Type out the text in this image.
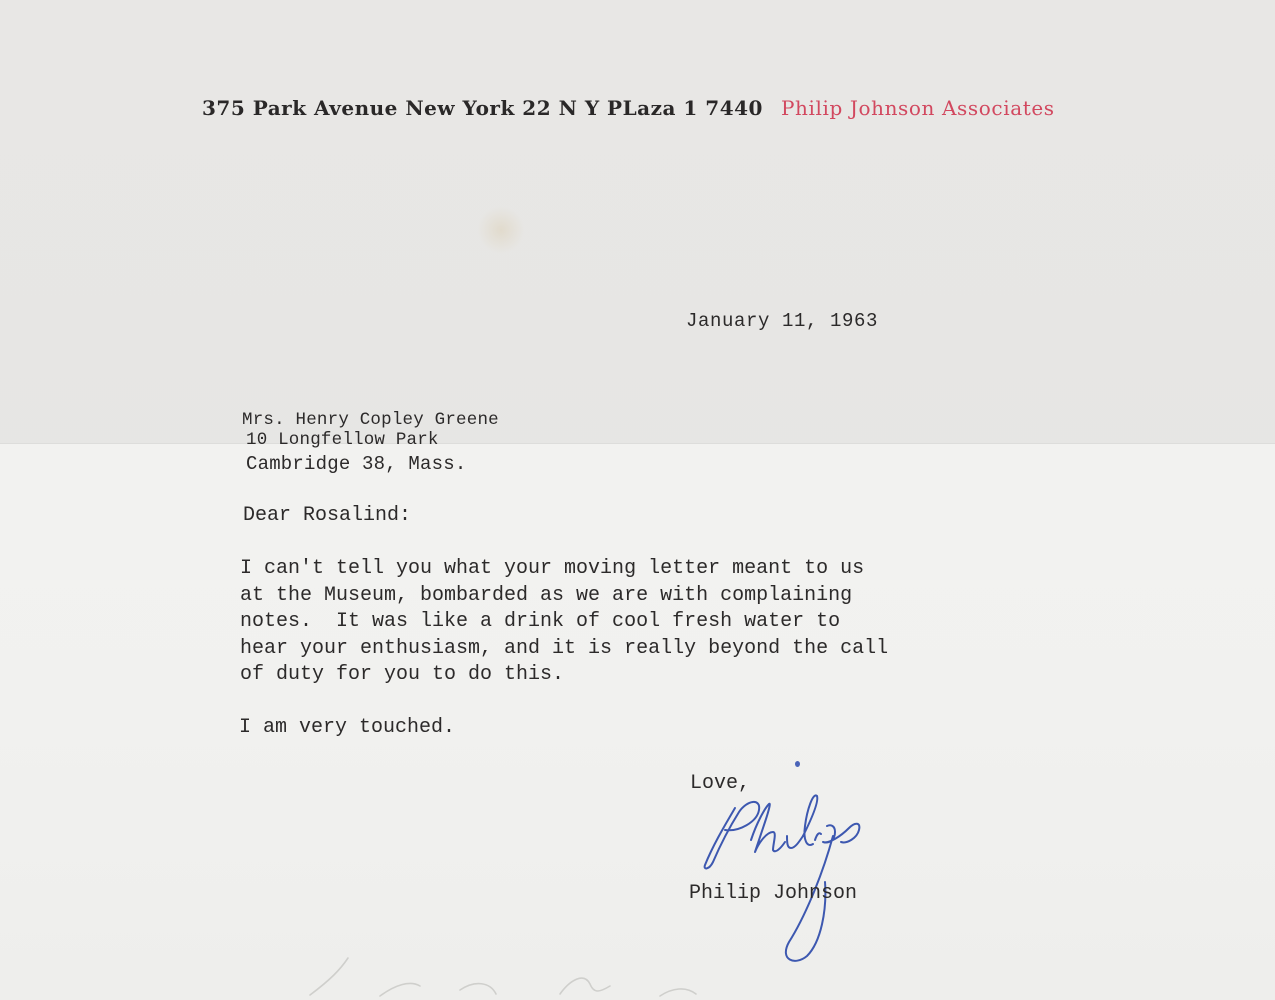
375 Park Avenue New York 22 N Y PLaza 1 7440 Philip Johnson Associates
January 11, 1963
Mrs. Henry Copley Greene
10 Longfellow Park
Cambridge 38, Mass.
Dear Rosalind:
I can't tell you what your moving letter meant to us
at the Museum, bombarded as we are with complaining
notes.  It was like a drink of cool fresh water to
hear your enthusiasm, and it is really beyond the call
of duty for you to do this.
I am very touched.
Love,
Philip Johnson
